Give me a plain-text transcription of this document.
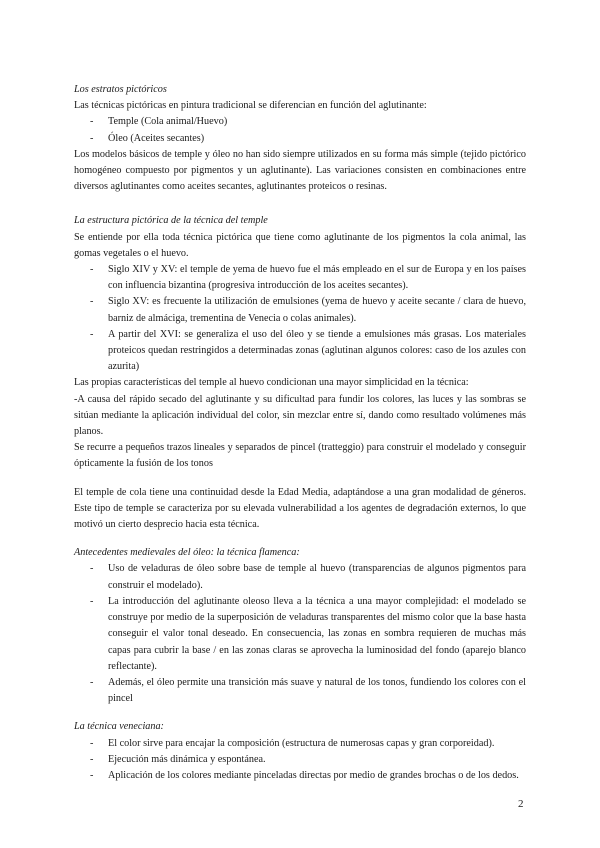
Los estratos pictóricos

Las técnicas pictóricas en pintura tradicional se diferencian en función del aglutinante:

- Temple (Cola animal/Huevo)
- Óleo (Aceites secantes)

Los modelos básicos de temple y óleo no han sido siempre utilizados en su forma más simple (tejido pictórico homogéneo compuesto por pigmentos y un aglutinante). Las variaciones consisten en combinaciones entre diversos aglutinantes como aceites secantes, aglutinantes proteicos o resinas.

La estructura pictórica de la técnica del temple

Se entiende por ella toda técnica pictórica que tiene como aglutinante de los pigmentos la cola animal, las gomas vegetales o el huevo.

- Siglo XIV y XV: el temple de yema de huevo fue el más empleado en el sur de Europa y en los países con influencia bizantina (progresiva introducción de los aceites secantes).
- Siglo XV: es frecuente la utilización de emulsiones (yema de huevo y aceite secante / clara de huevo, barniz de almáciga, trementina de Venecia o colas animales).
- A partir del XVI: se generaliza el uso del óleo y se tiende a emulsiones más grasas. Los materiales proteicos quedan restringidos a determinadas zonas (aglutinan algunos colores: caso de los azules con azurita)

Las propias características del temple al huevo condicionan una mayor simplicidad en la técnica:

-A causa del rápido secado del aglutinante y su dificultad para fundir los colores, las luces y las sombras se sitúan mediante la aplicación individual del color, sin mezclar entre sí, dando como resultado volúmenes más planos.

Se recurre a pequeños trazos lineales y separados de pincel (tratteggio) para construir el modelado y conseguir ópticamente la fusión de los tonos

El temple de cola tiene una continuidad desde la Edad Media, adaptándose a una gran modalidad de géneros. Este tipo de temple se caracteriza por su elevada vulnerabilidad a los agentes de degradación externos, lo que motivó un cierto desprecio hacia esta técnica.

Antecedentes medievales del óleo: la técnica flamenca:

- Uso de veladuras de óleo sobre base de temple al huevo (transparencias de algunos pigmentos para construir el modelado).
- La introducción del aglutinante oleoso lleva a la técnica a una mayor complejidad: el modelado se construye por medio de la superposición de veladuras transparentes del mismo color que la base hasta conseguir el valor tonal deseado. En consecuencia, las zonas en sombra requieren de muchas más capas para cubrir la base / en las zonas claras se aprovecha la luminosidad del fondo (aparejo blanco reflectante).
- Además, el óleo permite una transición más suave y natural de los tonos, fundiendo los colores con el pincel

La técnica veneciana:

- El color sirve para encajar la composición (estructura de numerosas capas y gran corporeidad).
- Ejecución más dinámica y espontánea.
- Aplicación de los colores mediante pinceladas directas por medio de grandes brochas o de los dedos.
2
